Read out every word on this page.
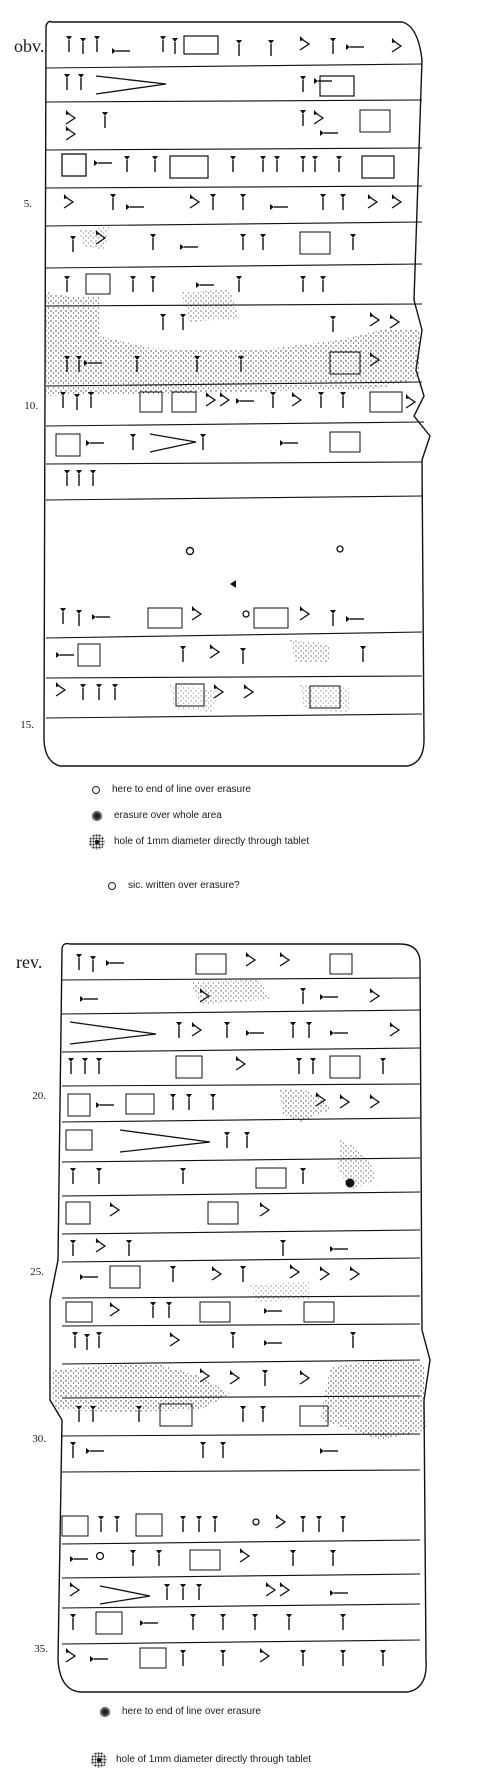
obv.
5.
10.
15.
here to end of line over erasure
erasure over whole area
hole of 1mm diameter directly through tablet
sic. written over erasure?
rev.
20.
25.
30.
35.
here to end of line over erasure
hole of 1mm diameter directly through tablet
